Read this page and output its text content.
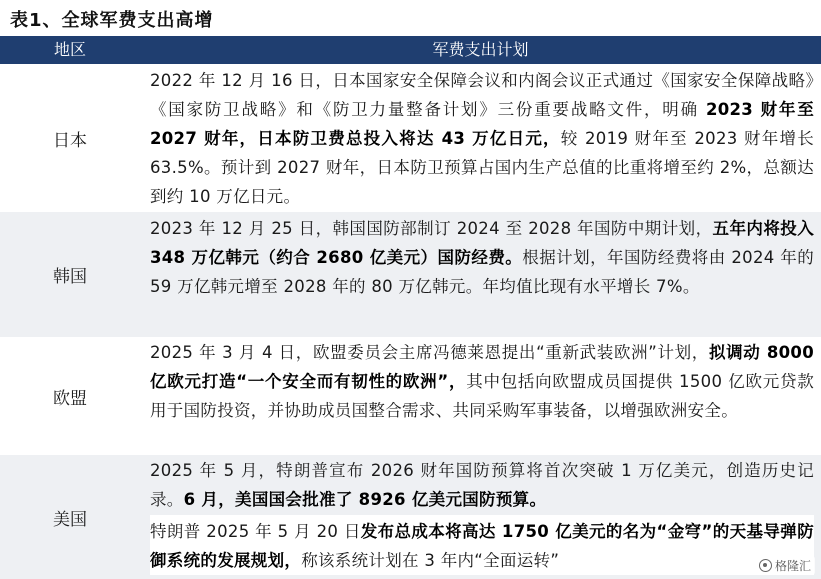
表1、全球军费支出高增
地区	军费支出计划
日本
2022 年 12 月 16 日，日本国家安全保障会议和内阁会议正式通过《国家安全保障战略》《国家防卫战略》和《防卫力量整备计划》三份重要战略文件，明确 2023 财年至 2027 财年，日本防卫费总投入将达 43 万亿日元，较 2019 财年至 2023 财年增长 63.5%。预计到 2027 财年，日本防卫预算占国内生产总值的比重将增至约 2%，总额达到约 10 万亿日元。
韩国
2023 年 12 月 25 日，韩国国防部制订 2024 至 2028 年国防中期计划，五年内将投入 348 万亿韩元（约合 2680 亿美元）国防经费。根据计划，年国防经费将由 2024 年的 59 万亿韩元增至 2028 年的 80 万亿韩元。年均值比现有水平增长 7%。
欧盟
2025 年 3 月 4 日，欧盟委员会主席冯德莱恩提出“重新武装欧洲”计划，拟调动 8000 亿欧元打造“一个安全而有韧性的欧洲”，其中包括向欧盟成员国提供 1500 亿欧元贷款用于国防投资，并协助成员国整合需求、共同采购军事装备，以增强欧洲安全。
美国
2025 年 5 月，特朗普宣布 2026 财年国防预算将首次突破 1 万亿美元，创造历史记录。6 月，美国国会批准了 8926 亿美元国防预算。
特朗普 2025 年 5 月 20 日发布总成本将高达 1750 亿美元的名为“金穹”的天基导弹防御系统的发展规划，称该系统计划在 3 年内“全面运转”	格隆汇
